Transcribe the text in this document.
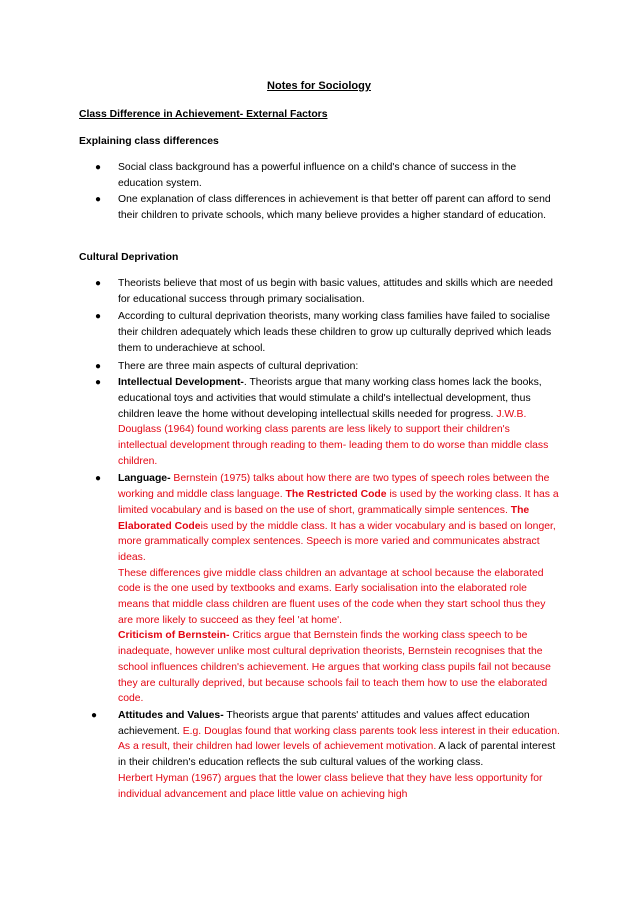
Notes for Sociology
Class Difference in Achievement- External Factors
Explaining class differences
● Social class background has a powerful influence on a child's chance of success in the education system.
● One explanation of class differences in achievement is that better off parent can afford to send their children to private schools, which many believe provides a higher standard of education.
Cultural Deprivation
● Theorists believe that most of us begin with basic values, attitudes and skills which are needed for educational success through primary socialisation.
● According to cultural deprivation theorists, many working class families have failed to socialise their children adequately which leads these children to grow up culturally deprived which leads them to underachieve at school.
● There are three main aspects of cultural deprivation:
● Intellectual Development-. Theorists argue that many working class homes lack the books, educational toys and activities that would stimulate a child's intellectual development, thus children leave the home without developing intellectual skills needed for progress. J.W.B. Douglass (1964) found working class parents are less likely to support their children's intellectual development through reading to them- leading them to do worse than middle class children.
● Language- Bernstein (1975) talks about how there are two types of speech roles between the working and middle class language. The Restricted Code is used by the working class. It has a limited vocabulary and is based on the use of short, grammatically simple sentences. The Elaborated Codeis used by the middle class. It has a wider vocabulary and is based on longer, more grammatically complex sentences. Speech is more varied and communicates abstract ideas.
These differences give middle class children an advantage at school because the elaborated code is the one used by textbooks and exams. Early socialisation into the elaborated role means that middle class children are fluent uses of the code when they start school thus they are more likely to succeed as they feel 'at home'.
Criticism of Bernstein- Critics argue that Bernstein finds the working class speech to be inadequate, however unlike most cultural deprivation theorists, Bernstein recognises that the school influences children's achievement. He argues that working class pupils fail not because they are culturally deprived, but because schools fail to teach them how to use the elaborated code.
● Attitudes and Values- Theorists argue that parents' attitudes and values affect education achievement. E.g. Douglas found that working class parents took less interest in their education. As a result, their children had lower levels of achievement motivation. A lack of parental interest in their children's education reflects the sub cultural values of the working class.
Herbert Hyman (1967) argues that the lower class believe that they have less opportunity for individual advancement and place little value on achieving high
